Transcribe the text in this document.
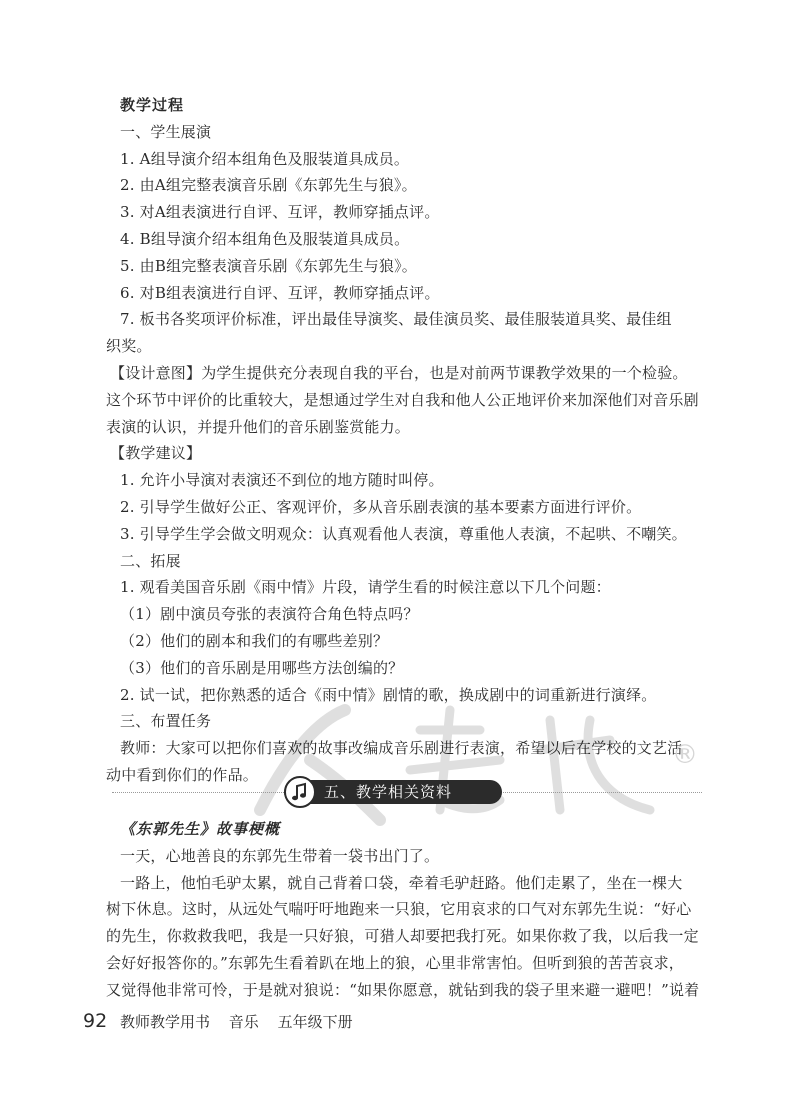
教学过程
一、学生展演
1. A组导演介绍本组角色及服装道具成员。
2. 由A组完整表演音乐剧《东郭先生与狼》。
3. 对A组表演进行自评、互评，教师穿插点评。
4. B组导演介绍本组角色及服装道具成员。
5. 由B组完整表演音乐剧《东郭先生与狼》。
6. 对B组表演进行自评、互评，教师穿插点评。
7. 板书各奖项评价标准，评出最佳导演奖、最佳演员奖、最佳服装道具奖、最佳组
织奖。
【设计意图】为学生提供充分表现自我的平台，也是对前两节课教学效果的一个检验。
这个环节中评价的比重较大，是想通过学生对自我和他人公正地评价来加深他们对音乐剧
表演的认识，并提升他们的音乐剧鉴赏能力。
【教学建议】
1. 允许小导演对表演还不到位的地方随时叫停。
2. 引导学生做好公正、客观评价，多从音乐剧表演的基本要素方面进行评价。
3. 引导学生学会做文明观众：认真观看他人表演，尊重他人表演，不起哄、不嘲笑。
二、拓展
1. 观看美国音乐剧《雨中情》片段，请学生看的时候注意以下几个问题：
（1）剧中演员夸张的表演符合角色特点吗？
（2）他们的剧本和我们的有哪些差别？
（3）他们的音乐剧是用哪些方法创编的？
2. 试一试，把你熟悉的适合《雨中情》剧情的歌，换成剧中的词重新进行演绎。
三、布置任务
教师：大家可以把你们喜欢的故事改编成音乐剧进行表演，希望以后在学校的文艺活
动中看到你们的作品。
®
五、教学相关资料
《东郭先生》故事梗概
一天，心地善良的东郭先生带着一袋书出门了。
一路上，他怕毛驴太累，就自己背着口袋，牵着毛驴赶路。他们走累了，坐在一棵大
树下休息。这时，从远处气喘吁吁地跑来一只狼，它用哀求的口气对东郭先生说：“好心
的先生，你救救我吧，我是一只好狼，可猎人却要把我打死。如果你救了我，以后我一定
会好好报答你的。”东郭先生看着趴在地上的狼，心里非常害怕。但听到狼的苦苦哀求，
又觉得他非常可怜，于是就对狼说：“如果你愿意，就钻到我的袋子里来避一避吧！”说着
92 教师教学用书 音乐 五年级下册
